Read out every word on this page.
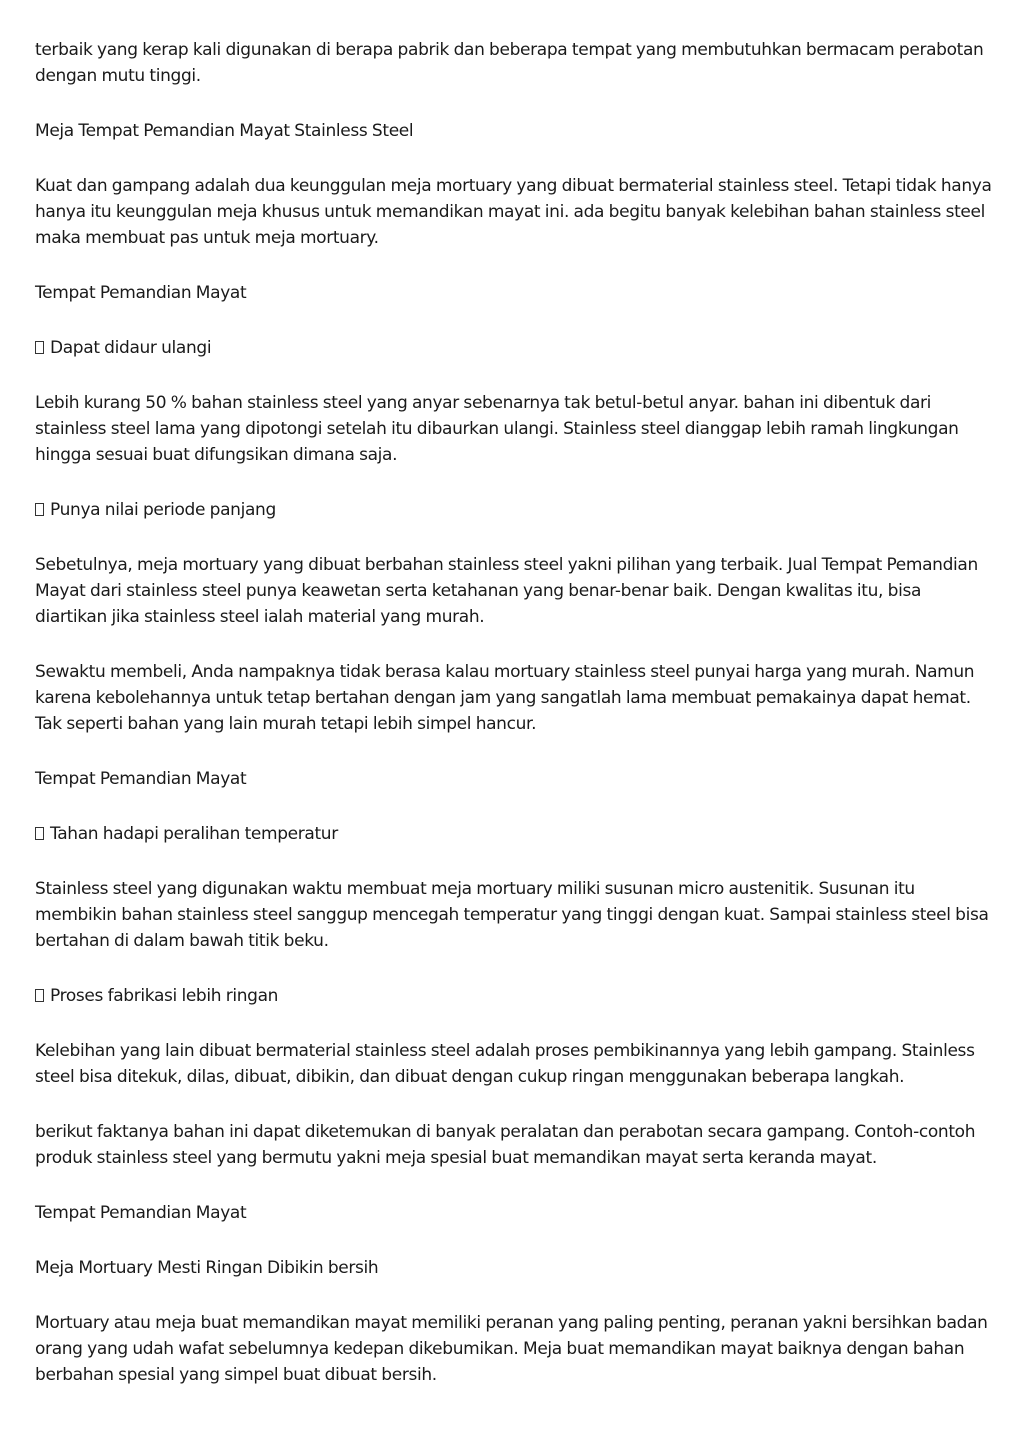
terbaik yang kerap kali digunakan di berapa pabrik dan beberapa tempat yang membutuhkan bermacam perabotan dengan mutu tinggi.

Meja Tempat Pemandian Mayat Stainless Steel

Kuat dan gampang adalah dua keunggulan meja mortuary yang dibuat bermaterial stainless steel. Tetapi tidak hanya hanya itu keunggulan meja khusus untuk memandikan mayat ini. ada begitu banyak kelebihan bahan stainless steel maka membuat pas untuk meja mortuary.

Tempat Pemandian Mayat

Dapat didaur ulangi

Lebih kurang 50 % bahan stainless steel yang anyar sebenarnya tak betul-betul anyar. bahan ini dibentuk dari stainless steel lama yang dipotongi setelah itu dibaurkan ulangi. Stainless steel dianggap lebih ramah lingkungan hingga sesuai buat difungsikan dimana saja.

Punya nilai periode panjang

Sebetulnya, meja mortuary yang dibuat berbahan stainless steel yakni pilihan yang terbaik. Jual Tempat Pemandian Mayat dari stainless steel punya keawetan serta ketahanan yang benar-benar baik. Dengan kwalitas itu, bisa diartikan jika stainless steel ialah material yang murah.

Sewaktu membeli, Anda nampaknya tidak berasa kalau mortuary stainless steel punyai harga yang murah. Namun karena kebolehannya untuk tetap bertahan dengan jam yang sangatlah lama membuat pemakainya dapat hemat. Tak seperti bahan yang lain murah tetapi lebih simpel hancur.

Tempat Pemandian Mayat

Tahan hadapi peralihan temperatur

Stainless steel yang digunakan waktu membuat meja mortuary miliki susunan micro austenitik. Susunan itu membikin bahan stainless steel sanggup mencegah temperatur yang tinggi dengan kuat. Sampai stainless steel bisa bertahan di dalam bawah titik beku.

Proses fabrikasi lebih ringan

Kelebihan yang lain dibuat bermaterial stainless steel adalah proses pembikinannya yang lebih gampang. Stainless steel bisa ditekuk, dilas, dibuat, dibikin, dan dibuat dengan cukup ringan menggunakan beberapa langkah.

berikut faktanya bahan ini dapat diketemukan di banyak peralatan dan perabotan secara gampang. Contoh-contoh produk stainless steel yang bermutu yakni meja spesial buat memandikan mayat serta keranda mayat.

Tempat Pemandian Mayat

Meja Mortuary Mesti Ringan Dibikin bersih

Mortuary atau meja buat memandikan mayat memiliki peranan yang paling penting, peranan yakni bersihkan badan orang yang udah wafat sebelumnya kedepan dikebumikan. Meja buat memandikan mayat baiknya dengan bahan berbahan spesial yang simpel buat dibuat bersih.
